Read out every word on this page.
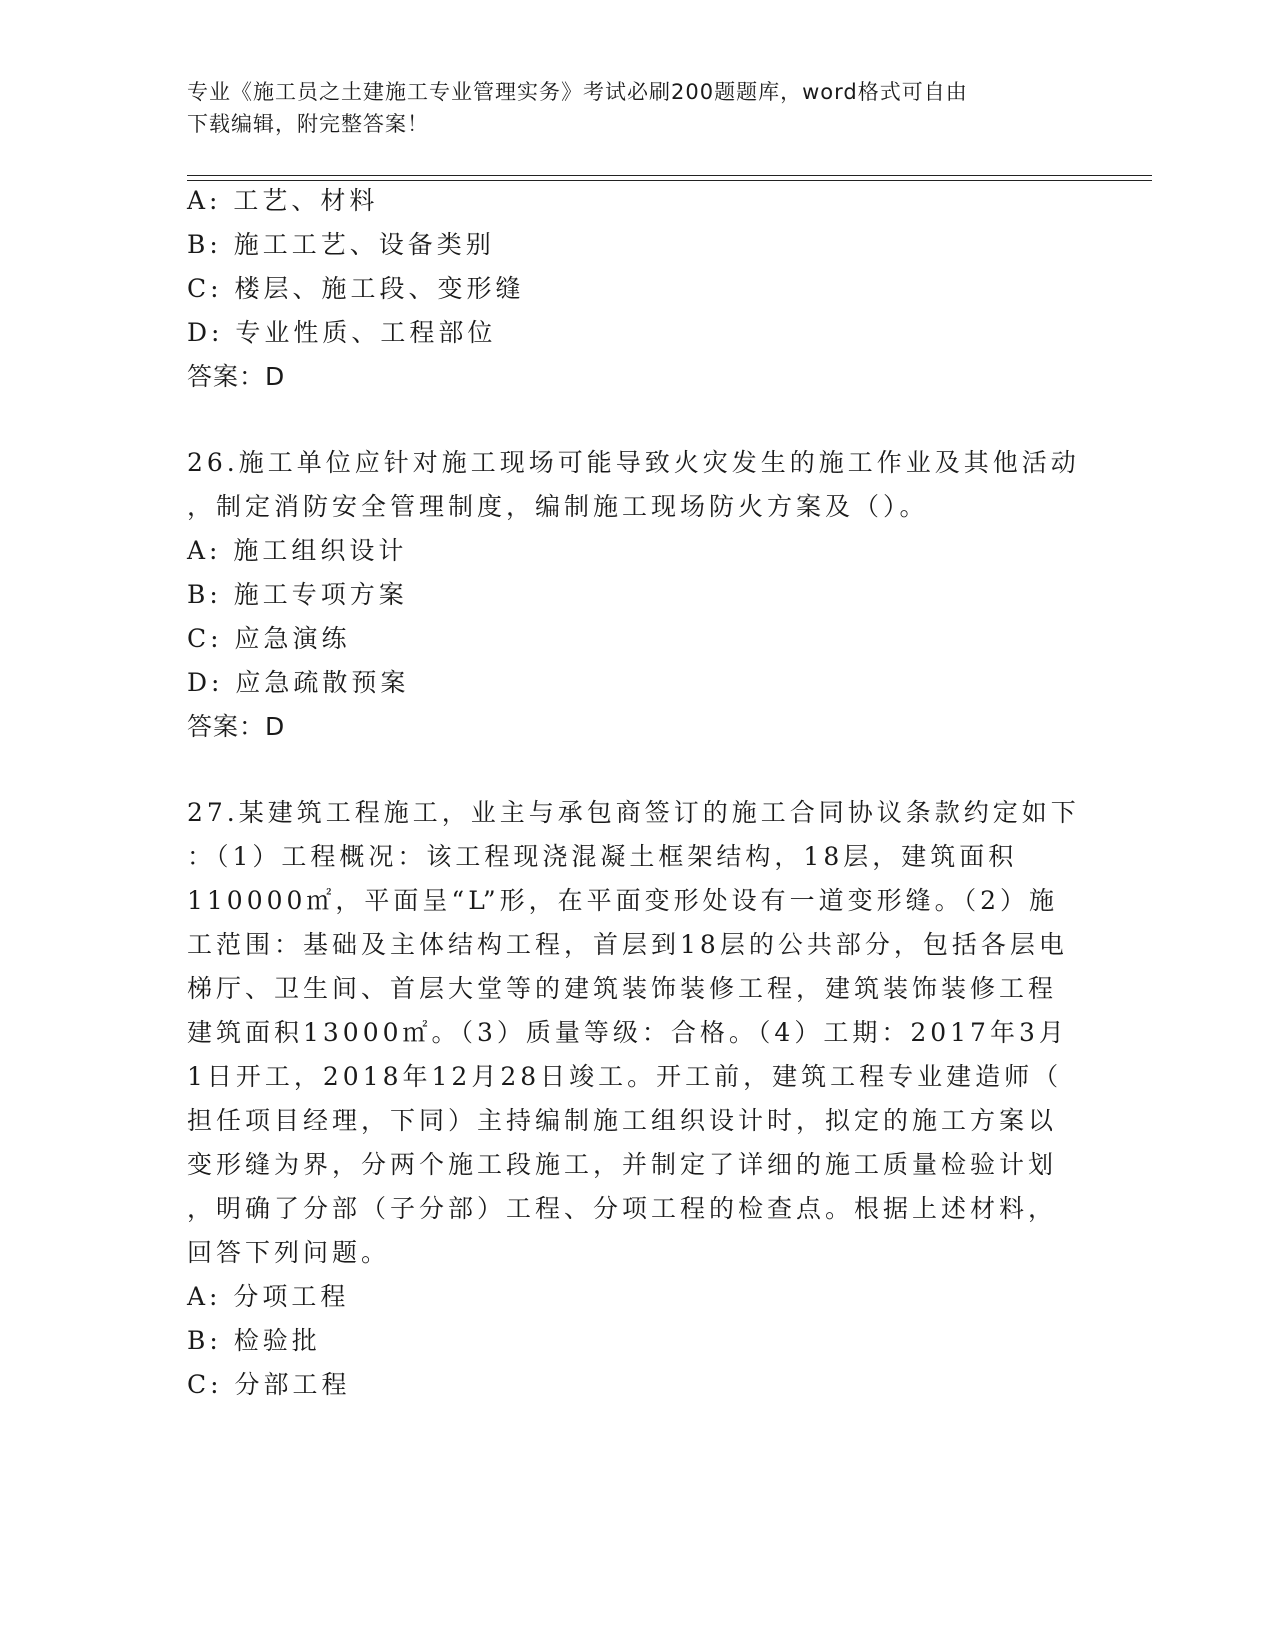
专业《施工员之土建施工专业管理实务》考试必刷200题题库，word格式可自由
下载编辑，附完整答案！
A: 工艺、材料
B: 施工工艺、设备类别
C: 楼层、施工段、变形缝
D: 专业性质、工程部位
答案：D
26.施工单位应针对施工现场可能导致火灾发生的施工作业及其他活动
，制定消防安全管理制度，编制施工现场防火方案及（）。
A: 施工组织设计
B: 施工专项方案
C: 应急演练
D: 应急疏散预案
答案：D
27.某建筑工程施工，业主与承包商签订的施工合同协议条款约定如下
：（1）工程概况：该工程现浇混凝土框架结构，18层，建筑面积
110000㎡，平面呈“L”形，在平面变形处设有一道变形缝。（2）施
工范围：基础及主体结构工程，首层到18层的公共部分，包括各层电
梯厅、卫生间、首层大堂等的建筑装饰装修工程，建筑装饰装修工程
建筑面积13000㎡。（3）质量等级：合格。（4）工期：2017年3月
1日开工，2018年12月28日竣工。开工前，建筑工程专业建造师（
担任项目经理，下同）主持编制施工组织设计时，拟定的施工方案以
变形缝为界，分两个施工段施工，并制定了详细的施工质量检验计划
，明确了分部（子分部）工程、分项工程的检查点。根据上述材料，
回答下列问题。
A: 分项工程
B: 检验批
C: 分部工程
